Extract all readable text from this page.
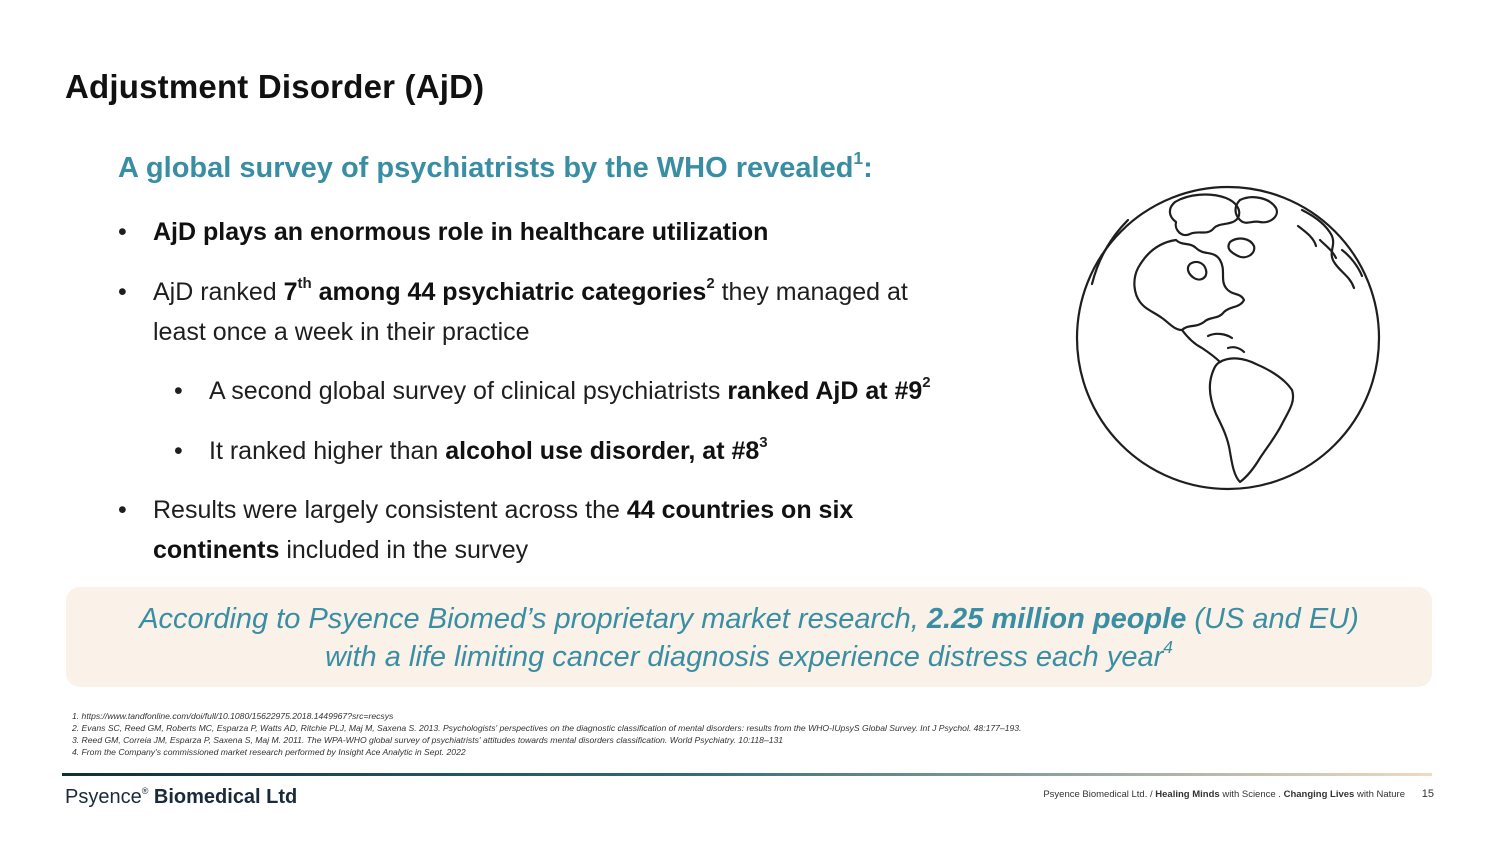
Adjustment Disorder (AjD)
A global survey of psychiatrists by the WHO revealed$^1$:
• AjD plays an enormous role in healthcare utilization
• AjD ranked 7th among 44 psychiatric categories$^2$ they managed at
least once a week in their practice
• A second global survey of clinical psychiatrists ranked AjD at $\#9^2$
• It ranked higher than alcohol use disorder, at $\#8^3$
• Results were largely consistent across the 44 countries on six
continents included in the survey
According to Psyence Biomed’s proprietary market research, 2.25 million people (US and EU)
with a life limiting cancer diagnosis experience distress each year$^4$
1. https://www.tandfonline.com/doi/full/10.1080/15622975.2018.1449967?src=recsys
2. Evans SC, Reed GM, Roberts MC, Esparza P, Watts AD, Ritchie PLJ, Maj M, Saxena S. 2013. Psychologists' perspectives on the diagnostic classification of mental disorders: results from the WHO-IUpsyS Global Survey. Int J Psychol. 48:177–193.
3. Reed GM, Correia JM, Esparza P, Saxena S, Maj M. 2011. The WPA-WHO global survey of psychiatrists' attitudes towards mental disorders classification. World Psychiatry. 10:118–131
4. From the Company's commissioned market research performed by Insight Ace Analytic in Sept. 2022
Psyence® Biomedical Ltd	Psyence Biomedical Ltd. / Healing Minds with Science . Changing Lives with Nature 15
